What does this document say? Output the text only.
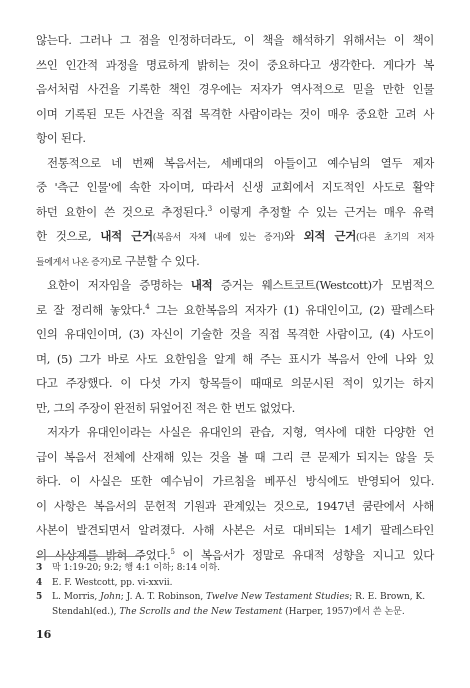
않는다. 그러나 그 점을 인정하더라도, 이 책을 해석하기 위해서는 이 책이
쓰인 인간적 과정을 명료하게 밝히는 것이 중요하다고 생각한다. 게다가 복
음서처럼 사건을 기록한 책인 경우에는 저자가 역사적으로 믿을 만한 인물
이며 기록된 모든 사건을 직접 목격한 사람이라는 것이 매우 중요한 고려 사
항이 된다.
전통적으로 네 번째 복음서는, 세베대의 아들이고 예수님의 열두 제자
중 '측근 인물'에 속한 자이며, 따라서 신생 교회에서 지도적인 사도로 활약
하던 요한이 쓴 것으로 추정된다.$^3$ 이렇게 추정할 수 있는 근거는 매우 유력
한 것으로, 내적 근거(복음서 자체 내에 있는 증거)와 외적 근거(다른 초기의 저자
들에게서 나온 증거)로 구분할 수 있다.
요한이 저자임을 증명하는 내적 증거는 웨스트코트(Westcott)가 모범적으
로 잘 정리해 놓았다.$^4$ 그는 요한복음의 저자가 (1) 유대인이고, (2) 팔레스타
인의 유대인이며, (3) 자신이 기술한 것을 직접 목격한 사람이고, (4) 사도이
며, (5) 그가 바로 사도 요한임을 알게 해 주는 표시가 복음서 안에 나와 있
다고 주장했다. 이 다섯 가지 항목들이 때때로 의문시된 적이 있기는 하지
만, 그의 주장이 완전히 뒤엎어진 적은 한 번도 없었다.
저자가 유대인이라는 사실은 유대인의 관습, 지형, 역사에 대한 다양한 언
급이 복음서 전체에 산재해 있는 것을 볼 때 그리 큰 문제가 되지는 않을 듯
하다. 이 사실은 또한 예수님이 가르침을 베푸신 방식에도 반영되어 있다.
이 사항은 복음서의 문헌적 기원과 관계있는 것으로, 1947년 쿰란에서 사해
사본이 발견되면서 알려졌다. 사해 사본은 서로 대비되는 1세기 팔레스타인
의 사상계를 밝혀 주었다.$^5$ 이 복음서가 정말로 유대적 성향을 지니고 있다
3	막 1:19-20; 9:2; 행 4:1 이하; 8:14 이하.
4	E. F. Westcott, pp. vi-xxvii.
5	L. Morris, John; J. A. T. Robinson, Twelve New Testament Studies; R. E. Brown, K. Stendahl(ed.), The Scrolls and the New Testament (Harper, 1957)에서 쓴 논문.
16
